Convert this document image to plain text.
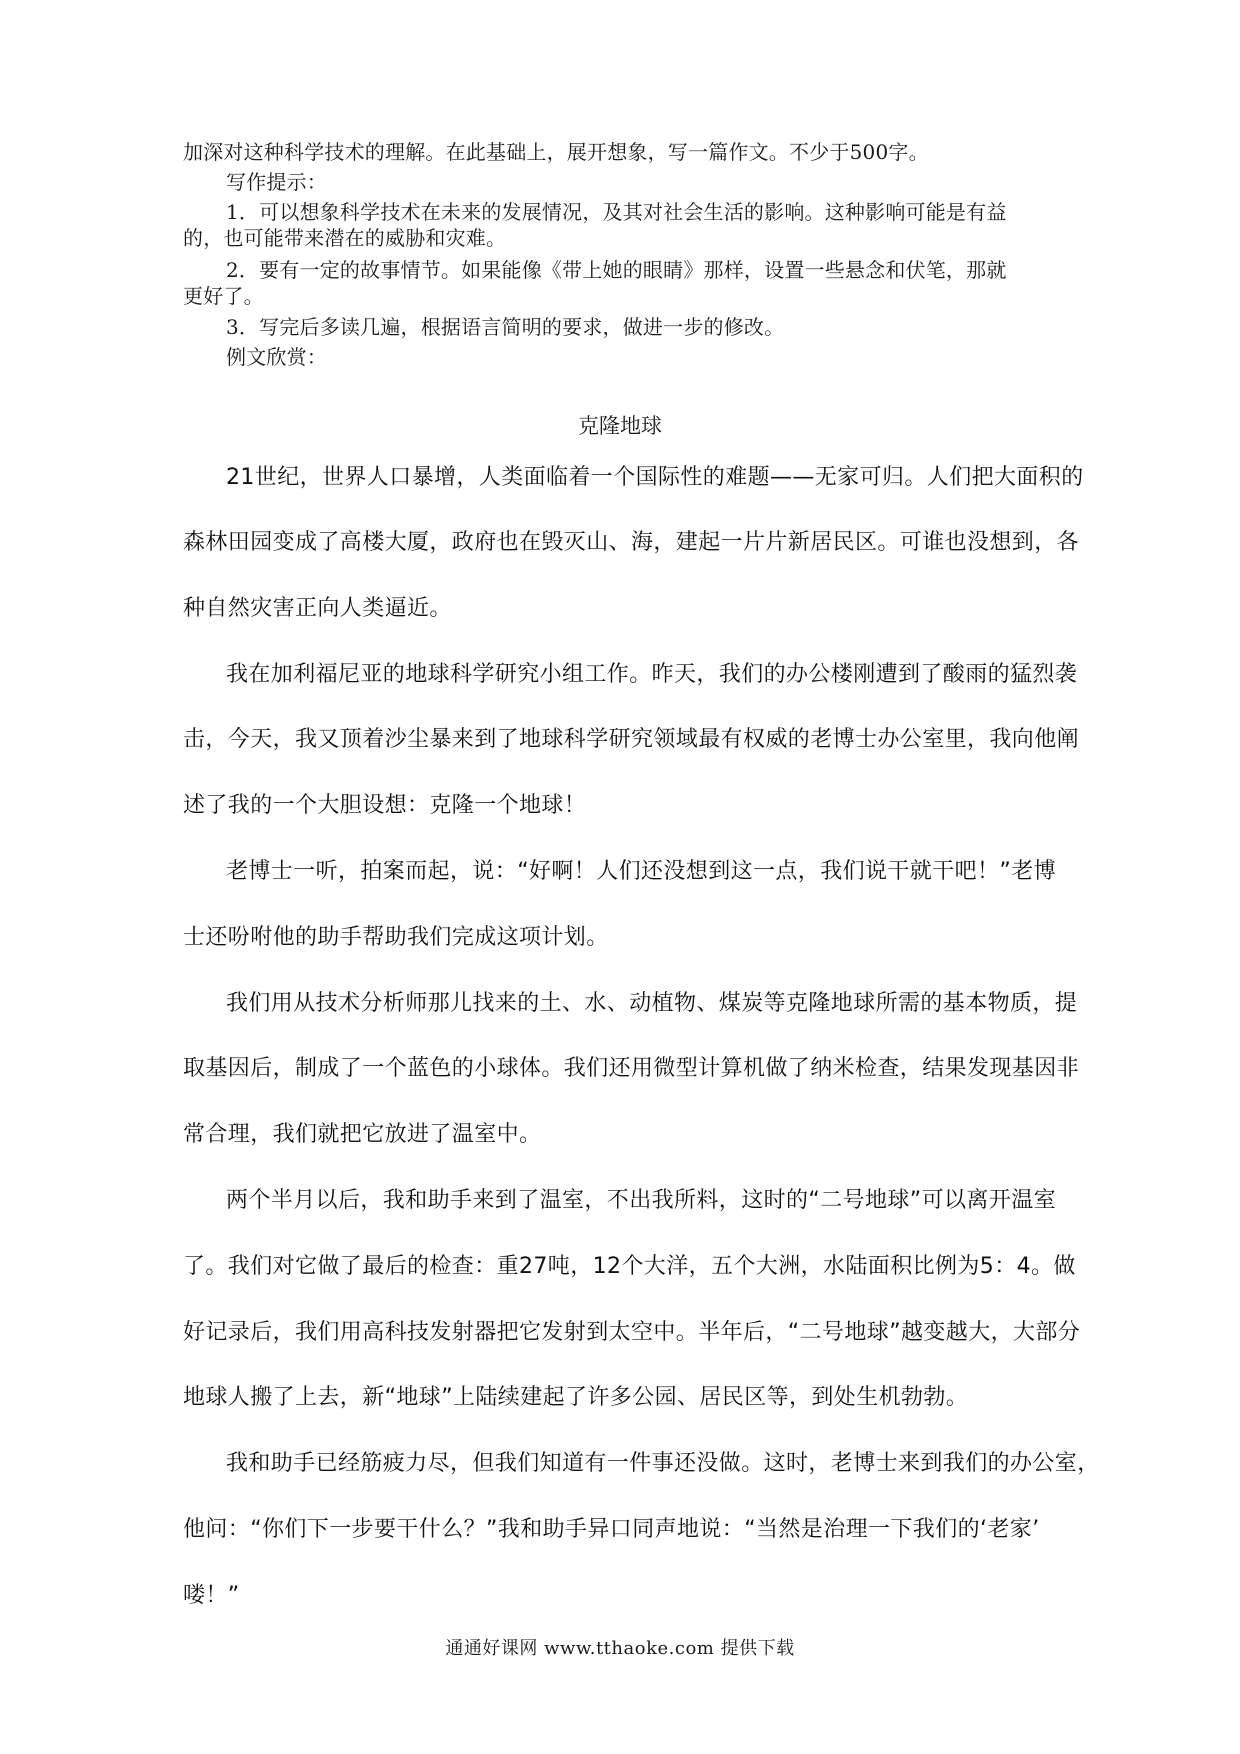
加深对这种科学技术的理解。在此基础上，展开想象，写一篇作文。不少于500字。
写作提示：
1．可以想象科学技术在未来的发展情况，及其对社会生活的影响。这种影响可能是有益
的，也可能带来潜在的威胁和灾难。
2．要有一定的故事情节。如果能像《带上她的眼睛》那样，设置一些悬念和伏笔，那就
更好了。
3．写完后多读几遍，根据语言简明的要求，做进一步的修改。
例文欣赏：
克隆地球
21世纪，世界人口暴增，人类面临着一个国际性的难题——无家可归。人们把大面积的
森林田园变成了高楼大厦，政府也在毁灭山、海，建起一片片新居民区。可谁也没想到，各
种自然灾害正向人类逼近。
我在加利福尼亚的地球科学研究小组工作。昨天，我们的办公楼刚遭到了酸雨的猛烈袭
击，今天，我又顶着沙尘暴来到了地球科学研究领域最有权威的老博士办公室里，我向他阐
述了我的一个大胆设想：克隆一个地球！
老博士一听，拍案而起，说：“好啊！人们还没想到这一点，我们说干就干吧！”老博
士还吩咐他的助手帮助我们完成这项计划。
我们用从技术分析师那儿找来的土、水、动植物、煤炭等克隆地球所需的基本物质，提
取基因后，制成了一个蓝色的小球体。我们还用微型计算机做了纳米检查，结果发现基因非
常合理，我们就把它放进了温室中。
两个半月以后，我和助手来到了温室，不出我所料，这时的“二号地球”可以离开温室
了。我们对它做了最后的检查：重27吨，12个大洋，五个大洲，水陆面积比例为5：4。做
好记录后，我们用高科技发射器把它发射到太空中。半年后，“二号地球”越变越大，大部分
地球人搬了上去，新“地球”上陆续建起了许多公园、居民区等，到处生机勃勃。
我和助手已经筋疲力尽，但我们知道有一件事还没做。这时，老博士来到我们的办公室，
他问：“你们下一步要干什么？”我和助手异口同声地说：“当然是治理一下我们的‘老家’
喽！”
通通好课网 www.tthaoke.com 提供下载
